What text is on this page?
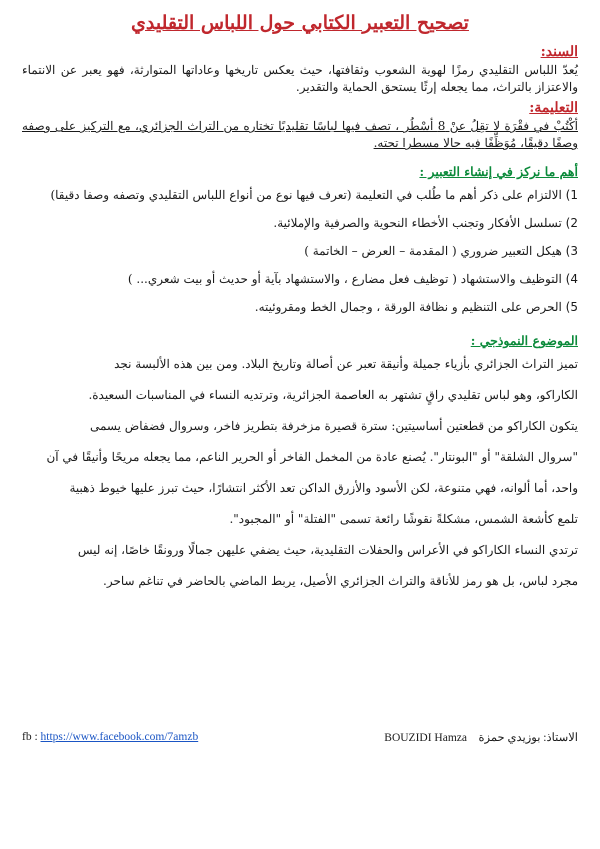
تصحيح التعبير الكتابي حول اللباس التقليدي
السند:

يُعدّ اللباس التقليدي رمزًا لهوية الشعوب وثقافتها، حيث يعكس تاريخها وعاداتها المتوارثة، فهو يعبر عن الانتماء والاعتزاز بالتراث، مما يجعله إرثًا يستحق الحماية والتقدير.

التعليمة:

أكْتُبْ في فقْرَة لا تقِلُ عنْ 8 أسْطُر ، تصف فيها لباسًا تقليديًا تختاره من التراث الجزائري، مع التركيز على وصفه وصفًا دقيقًا، مُوَظِّفًا فيه حالا مسطرا تحته.

أهم ما نركز في إنشاء التعبير :
1) الالتزام على ذكر أهم ما طُلب في التعليمة (تعرف فيها نوع من أنواع اللباس التقليدي وتصفه وصفا دقيقا)
2) تسلسل الأفكار وتجنب الأخطاء النحوية والصرفية والإملائية.
3) هيكل التعبير ضروري ( المقدمة – العرض – الخاتمة )
4) التوظيف والاستشهاد ( توظيف فعل مضارع ، والاستشهاد بآية أو حديث أو بيت شعري... )
5) الحرص على التنظيم و نظافة الورقة ، وجمال الخط ومقروئيته.
الموضوع النموذجي :

تميز التراث الجزائري بأزياء جميلة وأنيقة تعبر عن أصالة وتاريخ البلاد. ومن بين هذه الألبسة نجد

الكاراكو، وهو لباس تقليدي راقٍ تشتهر به العاصمة الجزائرية، وترتديه النساء في المناسبات السعيدة.

يتكون الكاراكو من قطعتين أساسيتين: سترة قصيرة مزخرفة بتطريز فاخر، وسروال فضفاض يسمى

"سروال الشلقة" أو "البونتار". يُصنع عادة من المخمل الفاخر أو الحرير الناعم، مما يجعله مريحًا وأنيقًا في آن

واحد، أما ألوانه، فهي متنوعة، لكن الأسود والأزرق الداكن تعد الأكثر انتشارًا، حيث تبرز عليها خيوط ذهبية

تلمع كأشعة الشمس، مشكلةً نقوشًا رائعة تسمى "الفتلة" أو "المجبود".

ترتدي النساء الكاراكو في الأعراس والحفلات التقليدية، حيث يضفي عليهن جمالًا ورونقًا خاصًا، إنه ليس

مجرد لباس، بل هو رمز للأناقة والتراث الجزائري الأصيل، يربط الماضي بالحاضر في تناغم ساحر.

fb : https://www.facebook.com/7amzb	BOUZIDI Hamza الاستاذ: بوزيدي حمزة
